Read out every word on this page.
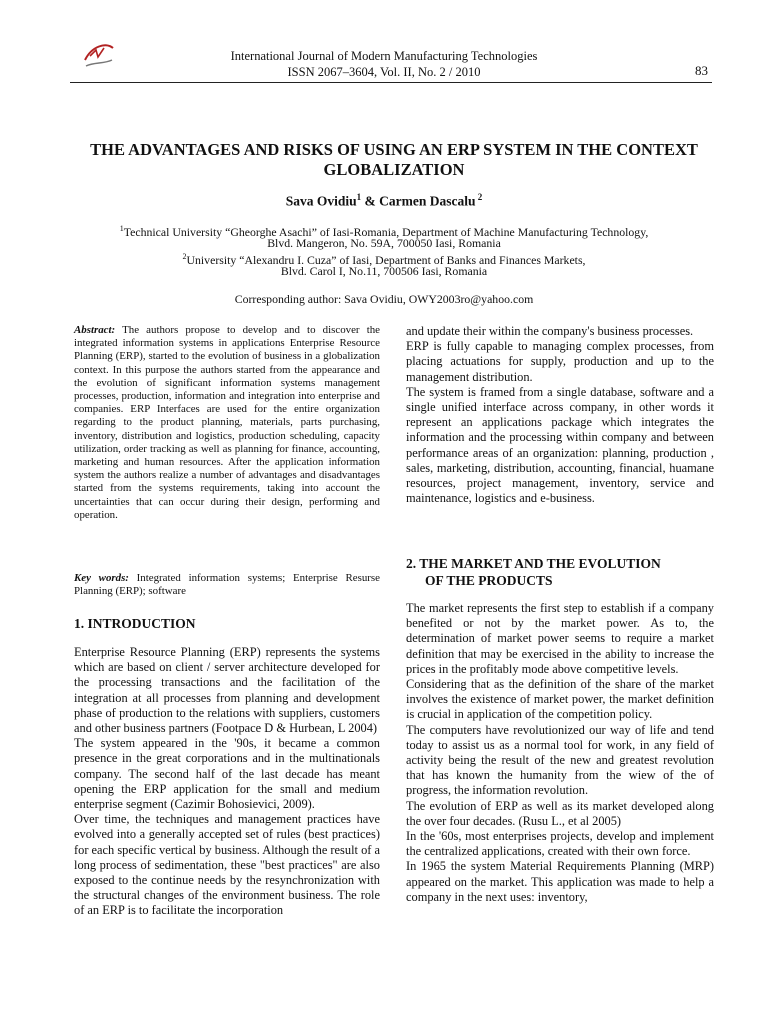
International Journal of Modern Manufacturing Technologies
ISSN 2067–3604, Vol. II, No. 2 / 2010	83
THE ADVANTAGES AND RISKS OF USING AN ERP SYSTEM IN THE CONTEXT GLOBALIZATION
Sava Ovidiu$^1$ & Carmen Dascalu $^2$
$^1$Technical University “Gheorghe Asachi” of Iasi-Romania, Department of Machine Manufacturing Technology,
Blvd. Mangeron, No. 59A, 700050 Iasi, Romania
$^2$University “Alexandru I. Cuza” of Iasi, Department of Banks and Finances Markets,
Blvd. Carol I, No.11, 700506 Iasi, Romania
Corresponding author: Sava Ovidiu, OWY2003ro@yahoo.com
Abstract: The authors propose to develop and to discover the integrated information systems in applications Enterprise Resource Planning (ERP), started to the evolution of business in a globalization context. In this purpose the authors started from the appearance and the evolution of significant information systems management processes, production, information and integration into enterprise and companies. ERP Interfaces are used for the entire organization regarding to the product planning, materials, parts purchasing, inventory, distribution and logistics, production scheduling, capacity utilization, order tracking as well as planning for finance, accounting, marketing and human resources. After the application information system the authors realize a number of advantages and disadvantages started from the systems requirements, taking into account the uncertainties that can occur during their design, performing and operation.
Key words: Integrated information systems; Enterprise Resurse Planning (ERP); software
1. INTRODUCTION

Enterprise Resource Planning (ERP) represents the systems which are based on client / server architecture developed for the processing transactions and the facilitation of the integration at all processes from planning and development phase of production to the relations with suppliers, customers and other business partners (Footpace D & Hurbean, L 2004)

The system appeared in the '90s, it became a common presence in the great corporations and in the multinationals company. The second half of the last decade has meant opening the ERP application for the small and medium enterprise segment (Cazimir Bohosievici, 2009).

Over time, the techniques and management practices have evolved into a generally accepted set of rules (best practices) for each specific vertical by business. Although the result of a long process of sedimentation, these "best practices" are also exposed to the continue needs by the resynchronization with the structural changes of the environment business. The role of an ERP is to facilitate the incorporation

and update their within the company's business processes.

ERP is fully capable to managing complex processes, from placing actuations for supply, production and up to the management distribution.

The system is framed from a single database, software and a single unified interface across company, in other words it represent an applications package which integrates the information and the processing within company and between performance areas of an organization: planning, production , sales, marketing, distribution, accounting, financial, huamane resources, project management, inventory, service and maintenance, logistics and e-business.

2. THE MARKET AND THE EVOLUTION
OF THE PRODUCTS

The market represents the first step to establish if a company benefited or not by the market power. As to, the determination of market power seems to require a market definition that may be exercised in the ability to increase the prices in the profitably mode above competitive levels.

Considering that as the definition of the share of the market involves the existence of market power, the market definition is crucial in application of the competition policy.

The computers have revolutionized our way of life and tend today to assist us as a normal tool for work, in any field of activity being the result of the new and greatest revolution that has known the humanity from the wiew of the of progress, the information revolution.

The evolution of ERP as well as its market developed along the over four decades. (Rusu L., et al 2005)

In the '60s, most enterprises projects, develop and implement the centralized applications, created with their own force.

In 1965 the system Material Requirements Planning (MRP) appeared on the market. This application was made to help a company in the next uses: inventory,
